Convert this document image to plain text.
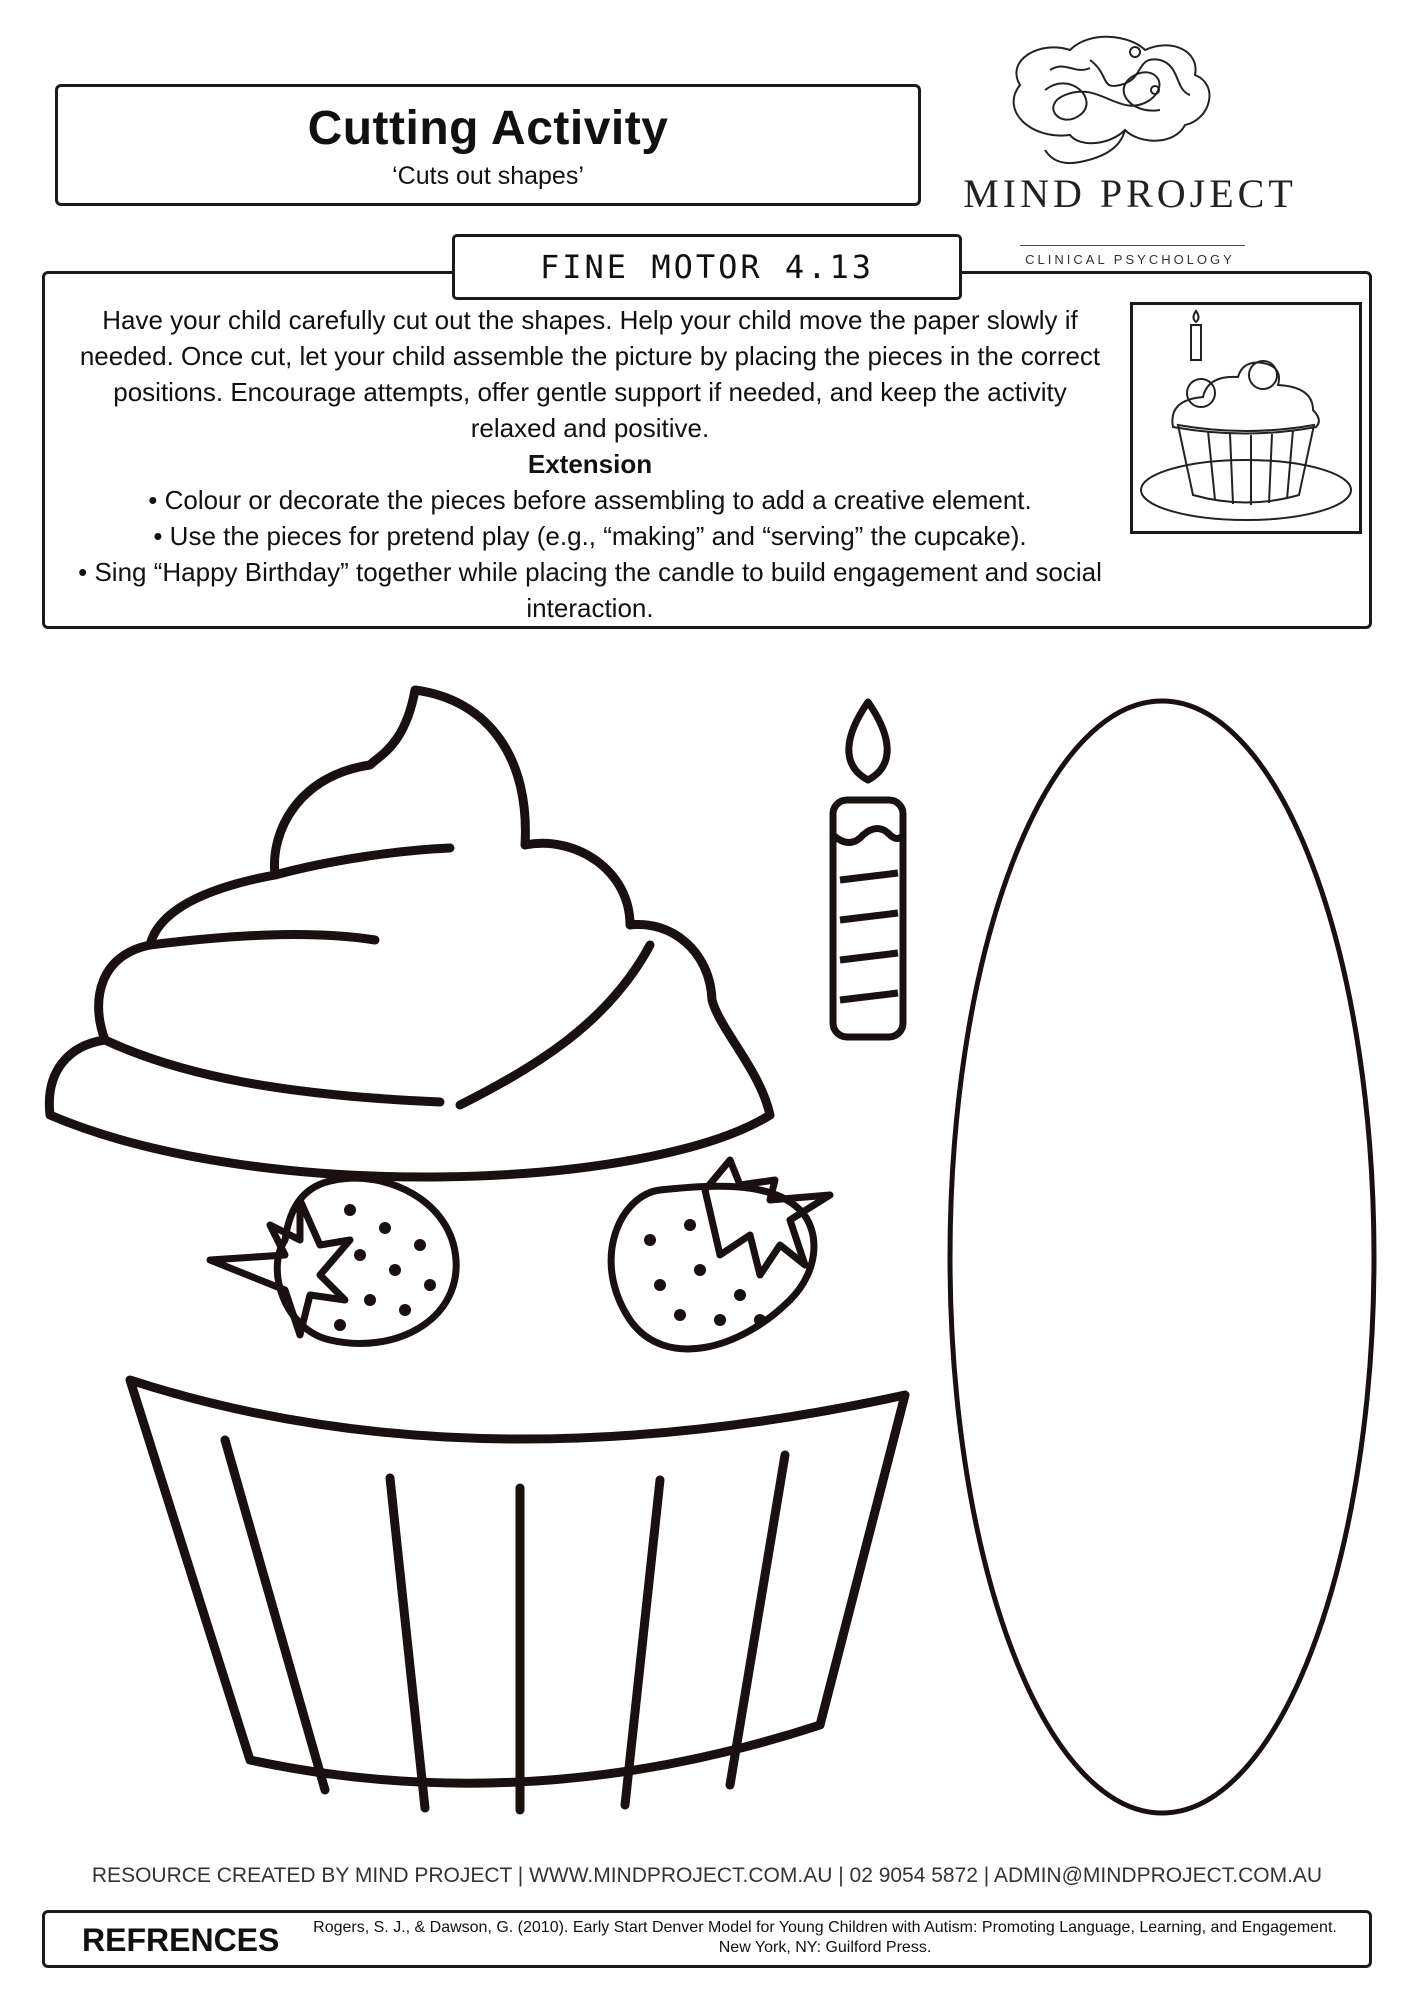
Cutting Activity
‘Cuts out shapes’	MIND PROJECT
CLINICAL PSYCHOLOGY
FINE MOTOR 4.13

Have your child carefully cut out the shapes. Help your child move the paper slowly if needed. Once cut, let your child assemble the picture by placing the pieces in the correct positions. Encourage attempts, offer gentle support if needed, and keep the activity relaxed and positive.

Extension

• Colour or decorate the pieces before assembling to add a creative element.

• Use the pieces for pretend play (e.g., “making” and “serving” the cupcake).

• Sing “Happy Birthday” together while placing the candle to build engagement and social interaction.

RESOURCE CREATED BY MIND PROJECT | WWW.MINDPROJECT.COM.AU | 02 9054 5872 | ADMIN@MINDPROJECT.COM.AU
REFRENCES	Rogers, S. J., & Dawson, G. (2010). Early Start Denver Model for Young Children with Autism: Promoting Language, Learning, and Engagement. New York, NY: Guilford Press.
